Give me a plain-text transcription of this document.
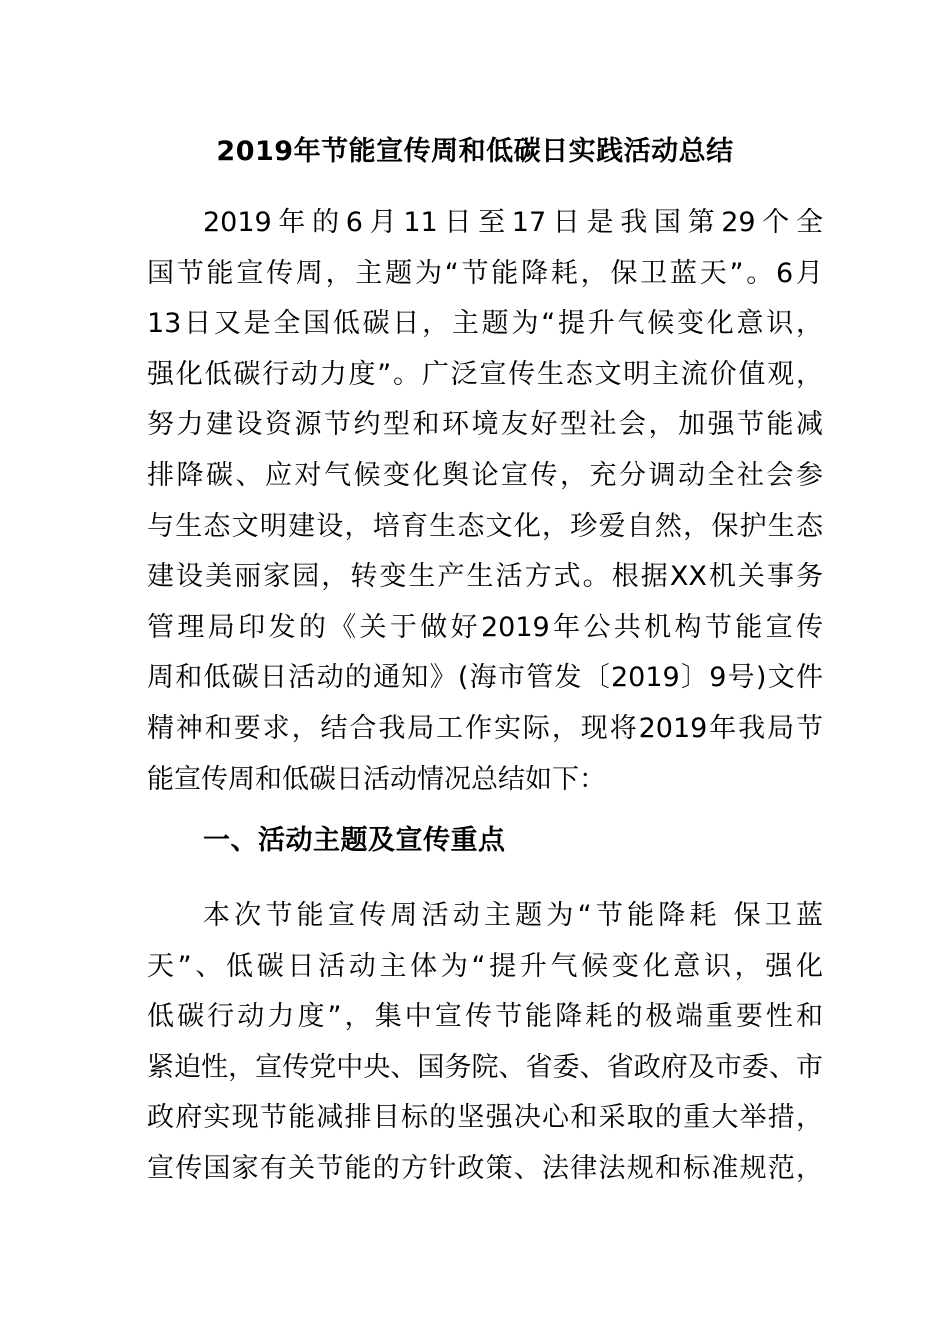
2019年节能宣传周和低碳日实践活动总结
2019年的6月11日至17日是我国第29个全
国节能宣传周，主题为“节能降耗，保卫蓝天”。6月
13日又是全国低碳日，主题为“提升气候变化意识，
强化低碳行动力度”。广泛宣传生态文明主流价值观，
努力建设资源节约型和环境友好型社会，加强节能减
排降碳、应对气候变化舆论宣传，充分调动全社会参
与生态文明建设，培育生态文化，珍爱自然，保护生态
建设美丽家园，转变生产生活方式。根据XX机关事务
管理局印发的《关于做好2019年公共机构节能宣传
周和低碳日活动的通知》(海市管发〔2019〕9号)文件
精神和要求，结合我局工作实际，现将2019年我局节
能宣传周和低碳日活动情况总结如下：
一、活动主题及宣传重点
本次节能宣传周活动主题为“节能降耗 保卫蓝
天”、低碳日活动主体为“提升气候变化意识，强化
低碳行动力度”，集中宣传节能降耗的极端重要性和
紧迫性，宣传党中央、国务院、省委、省政府及市委、市
政府实现节能减排目标的坚强决心和采取的重大举措，
宣传国家有关节能的方针政策、法律法规和标准规范，
